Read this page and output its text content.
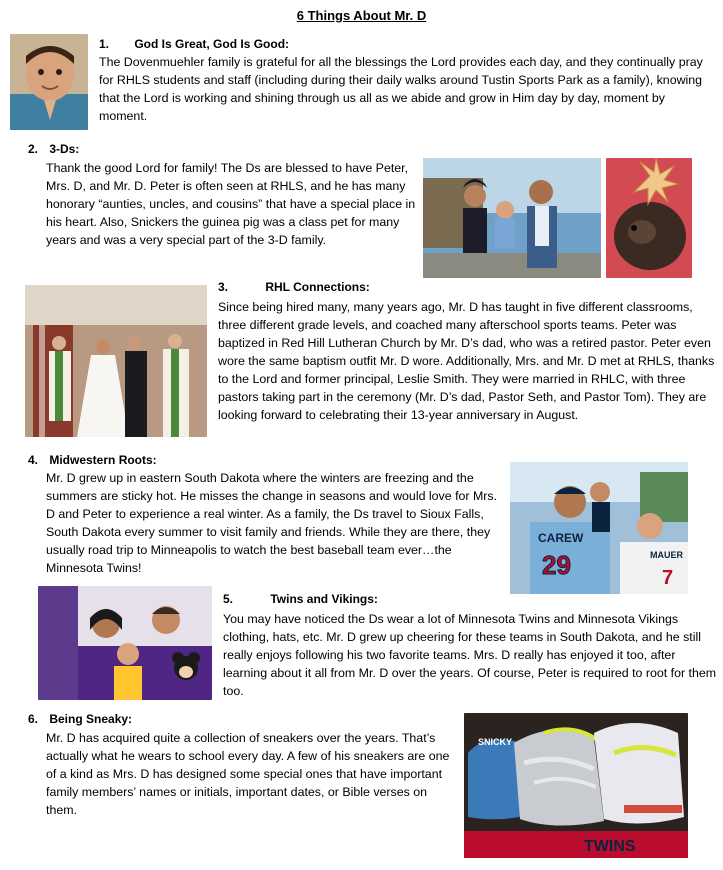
6 Things About Mr. D
1. God Is Great, God Is Good:
The Dovenmuehler family is grateful for all the blessings the Lord provides each day, and they continually pray for RHLS students and staff (including during their daily walks around Tustin Sports Park as a family), knowing that the Lord is working and shining through us all as we abide and grow in Him day by day, moment by moment.
2. 3-Ds:
Thank the good Lord for family! The Ds are blessed to have Peter, Mrs. D, and Mr. D. Peter is often seen at RHLS, and he has many honorary “aunties, uncles, and cousins” that have a special place in his heart. Also, Snickers the guinea pig was a class pet for many years and was a very special part of the 3-D family.
3.	RHL Connections:
Since being hired many, many years ago, Mr. D has taught in five different classrooms, three different grade levels, and coached many afterschool sports teams. Peter was baptized in Red Hill Lutheran Church by Mr. D’s dad, who was a retired pastor. Peter even wore the same baptism outfit Mr. D wore. Additionally, Mrs. and Mr. D met at RHLS, thanks to the Lord and former principal, Leslie Smith. They were married in RHLC, with three pastors taking part in the ceremony (Mr. D’s dad, Pastor Seth, and Pastor Tom). They are looking forward to celebrating their 13-year anniversary in August.
4. Midwestern Roots:
Mr. D grew up in eastern South Dakota where the winters are freezing and the summers are sticky hot. He misses the change in seasons and would love for Mrs. D and Peter to experience a real winter. As a family, the Ds travel to Sioux Falls, South Dakota every summer to visit family and friends. While they are there, they usually road trip to Minneapolis to watch the best baseball team ever…the Minnesota Twins!
CAREW
29	MAUER
7
5.	Twins and Vikings:
You may have noticed the Ds wear a lot of Minnesota Twins and Minnesota Vikings clothing, hats, etc. Mr. D grew up cheering for these teams in South Dakota, and he still really enjoys following his two favorite teams. Mrs. D really has enjoyed it too, after learning about it all from Mr. D over the years. Of course, Peter is required to root for them too.
6. Being Sneaky:
Mr. D has acquired quite a collection of sneakers over the years. That’s actually what he wears to school every day. A few of his sneakers are one of a kind as Mrs. D has designed some special ones that have important family members’ names or initials, important dates, or Bible verses on them.
TWINS
SNICKY
